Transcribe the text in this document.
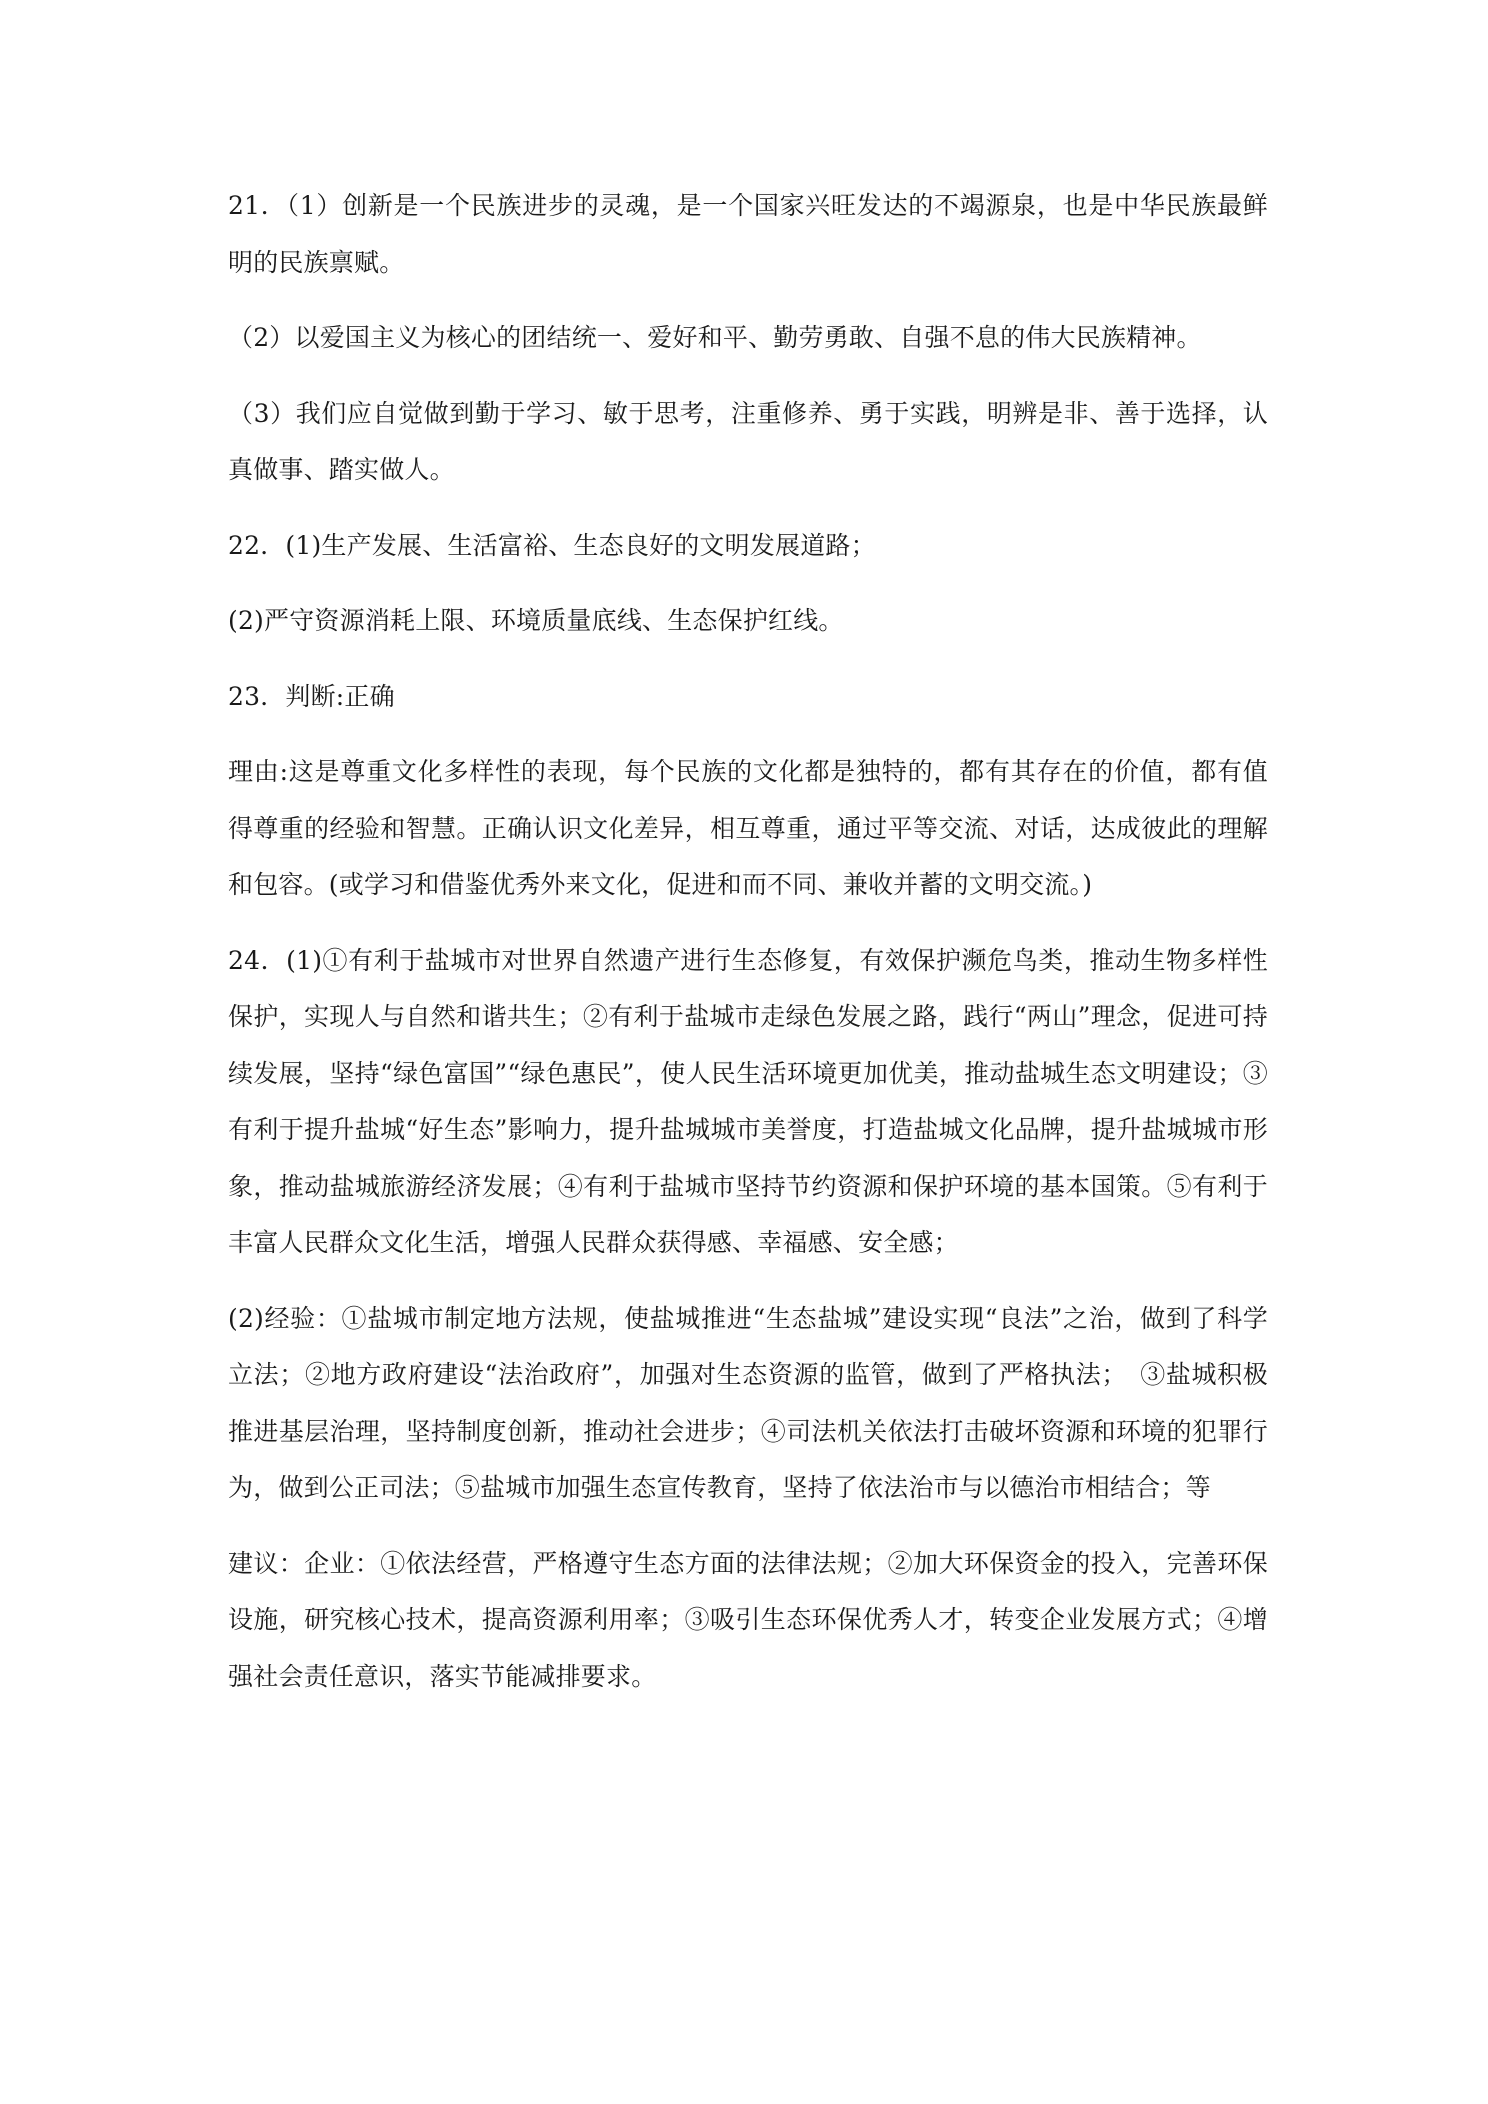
21．（1）创新是一个民族进步的灵魂，是一个国家兴旺发达的不竭源泉，也是中华民族最鲜明的民族禀赋。

（2）以爱国主义为核心的团结统一、爱好和平、勤劳勇敢、自强不息的伟大民族精神。

（3）我们应自觉做到勤于学习、敏于思考，注重修养、勇于实践，明辨是非、善于选择，认真做事、踏实做人。

22．(1)生产发展、生活富裕、生态良好的文明发展道路；

(2)严守资源消耗上限、环境质量底线、生态保护红线。

23．判断:正确

理由:这是尊重文化多样性的表现，每个民族的文化都是独特的，都有其存在的价值，都有值得尊重的经验和智慧。正确认识文化差异，相互尊重，通过平等交流、对话，达成彼此的理解和包容。(或学习和借鉴优秀外来文化，促进和而不同、兼收并蓄的文明交流。)

24．(1)①有利于盐城市对世界自然遗产进行生态修复，有效保护濒危鸟类，推动生物多样性保护，实现人与自然和谐共生；②有利于盐城市走绿色发展之路，践行“两山”理念，促进可持续发展，坚持“绿色富国”“绿色惠民”，使人民生活环境更加优美，推动盐城生态文明建设；③有利于提升盐城“好生态”影响力，提升盐城城市美誉度，打造盐城文化品牌，提升盐城城市形象，推动盐城旅游经济发展；④有利于盐城市坚持节约资源和保护环境的基本国策。⑤有利于丰富人民群众文化生活，增强人民群众获得感、幸福感、安全感；

(2)经验：①盐城市制定地方法规，使盐城推进“生态盐城”建设实现“良法”之治，做到了科学立法；②地方政府建设“法治政府”，加强对生态资源的监管，做到了严格执法；　③盐城积极推进基层治理，坚持制度创新，推动社会进步；④司法机关依法打击破坏资源和环境的犯罪行为，做到公正司法；⑤盐城市加强生态宣传教育，坚持了依法治市与以德治市相结合；等

建议：企业：①依法经营，严格遵守生态方面的法律法规；②加大环保资金的投入，完善环保设施，研究核心技术，提高资源利用率；③吸引生态环保优秀人才，转变企业发展方式；④增强社会责任意识，落实节能减排要求。
